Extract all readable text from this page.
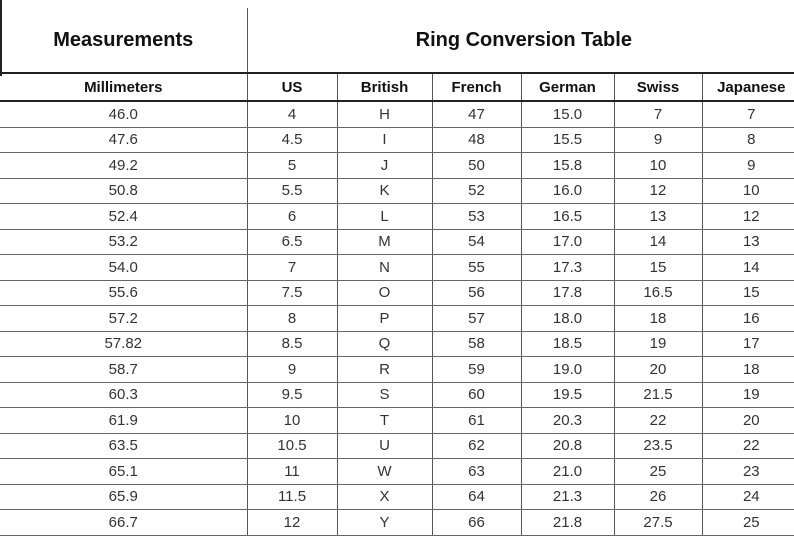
Measurements	Ring Conversion Table					
Millimeters	US	British	French	German	Swiss	Japanese
46.0	4	H	47	15.0	7	7
47.6	4.5	I	48	15.5	9	8
49.2	5	J	50	15.8	10	9
50.8	5.5	K	52	16.0	12	10
52.4	6	L	53	16.5	13	12
53.2	6.5	M	54	17.0	14	13
54.0	7	N	55	17.3	15	14
55.6	7.5	O	56	17.8	16.5	15
57.2	8	P	57	18.0	18	16
57.82	8.5	Q	58	18.5	19	17
58.7	9	R	59	19.0	20	18
60.3	9.5	S	60	19.5	21.5	19
61.9	10	T	61	20.3	22	20
63.5	10.5	U	62	20.8	23.5	22
65.1	11	W	63	21.0	25	23
65.9	11.5	X	64	21.3	26	24
66.7	12	Y	66	21.8	27.5	25
